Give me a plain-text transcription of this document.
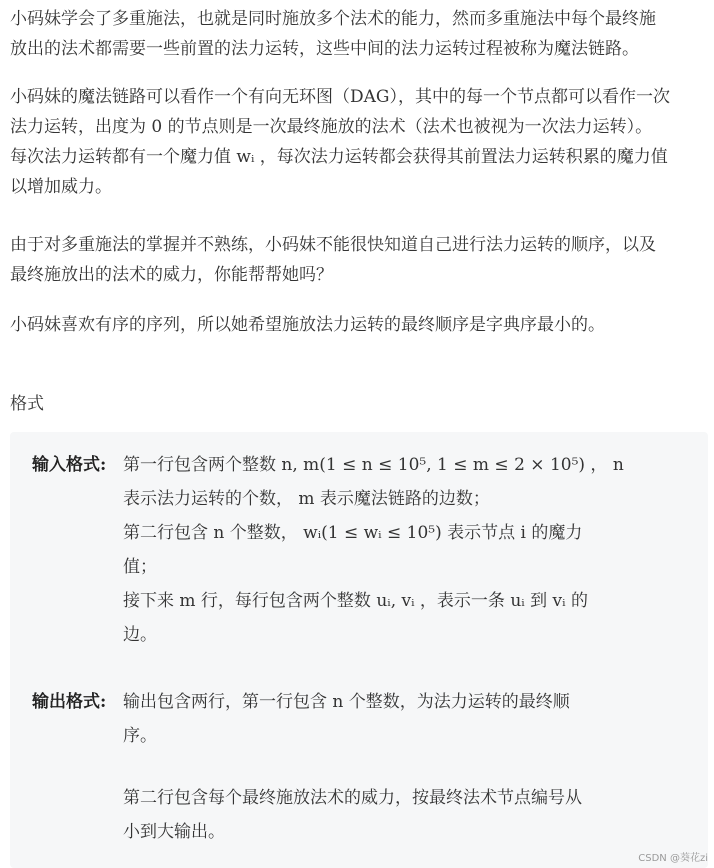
小码妹学会了多重施法，也就是同时施放多个法术的能力，然而多重施法中每个最终施
放出的法术都需要一些前置的法力运转，这些中间的法力运转过程被称为魔法链路。

小码妹的魔法链路可以看作一个有向无环图（DAG），其中的每一个节点都可以看作一次
法力运转，出度为 0 的节点则是一次最终施放的法术（法术也被视为一次法力运转）。
每次法力运转都有一个魔力值 wᵢ ，每次法力运转都会获得其前置法力运转积累的魔力值
以增加威力。

由于对多重施法的掌握并不熟练，小码妹不能很快知道自己进行法力运转的顺序，以及
最终施放出的法术的威力，你能帮帮她吗？

小码妹喜欢有序的序列，所以她希望施放法力运转的最终顺序是字典序最小的。

格式
输入格式: 第一行包含两个整数 n, m(1 ≤ n ≤ 10⁵, 1 ≤ m ≤ 2 × 10⁵) ， n
表示法力运转的个数， m 表示魔法链路的边数；
第二行包含 n 个整数， wᵢ(1 ≤ wᵢ ≤ 10⁵) 表示节点 i 的魔力
值；
接下来 m 行，每行包含两个整数 uᵢ, vᵢ ，表示一条 uᵢ 到 vᵢ 的
边。
输出格式: 输出包含两行，第一行包含 n 个整数，为法力运转的最终顺
序。
第二行包含每个最终施放法术的威力，按最终法术节点编号从
小到大输出。
CSDN @葵花zi
